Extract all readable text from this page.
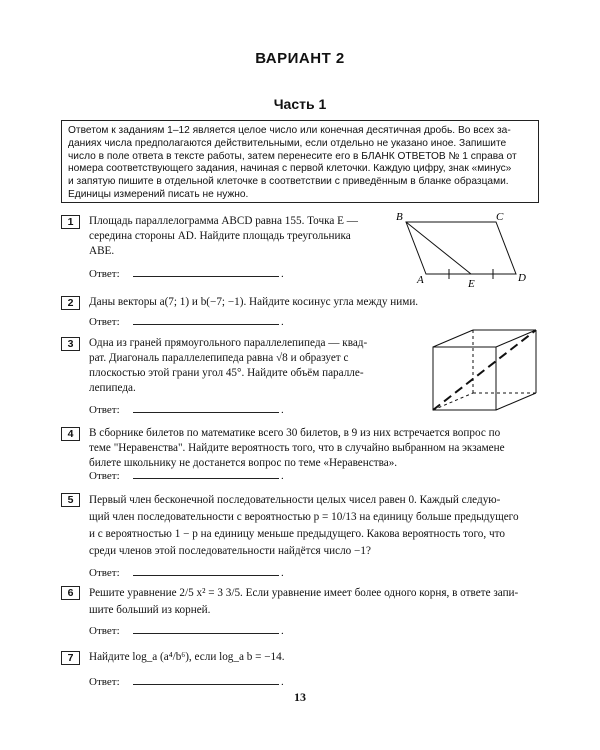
ВАРИАНТ 2
Часть 1
Ответом к заданиям 1–12 является целое число или конечная десятичная дробь. Во всех за-
даниях числа предполагаются действительными, если отдельно не указано иное. Запишите
число в поле ответа в тексте работы, затем перенесите его в БЛАНК ОТВЕТОВ № 1 справа от
номера соответствующего задания, начиная с первой клеточки. Каждую цифру, знак «минус»
и запятую пишите в отдельной клеточке в соответствии с приведённым в бланке образцами.
Единицы измерений писать не нужно.
1	Площадь параллелограмма ABCD равна 155. Точка E —
середина стороны AD. Найдите площадь треугольника
ABE.
Ответ:	.
B	C
A	E	D
2	Даны векторы a(7; 1) и b(−7; −1). Найдите косинус угла между ними.
Ответ:	.
3	Одна из граней прямоугольного параллелепипеда — квад-
рат. Диагональ параллелепипеда равна √8 и образует с
плоскостью этой грани угол 45°. Найдите объём паралле-
лепипеда.
Ответ:	.
4	В сборнике билетов по математике всего 30 билетов, в 9 из них встречается вопрос по
теме "Неравенства". Найдите вероятность того, что в случайно выбранном на экзамене
билете школьнику не достанется вопрос по теме «Неравенства».
Ответ:	.
5	Первый член бесконечной последовательности целых чисел равен 0. Каждый следую-
щий член последовательности с вероятностью p = 10/13 на единицу больше предыдущего
и с вероятностью 1 − p на единицу меньше предыдущего. Какова вероятность того, что
среди членов этой последовательности найдётся число −1?
Ответ:	.
6	Решите уравнение 2/5 x² = 3 3/5. Если уравнение имеет более одного корня, в ответе запи-
шите больший из корней.
Ответ:	.
7	Найдите log_a (a⁴/b⁶), если log_a b = −14.
Ответ:	.
13
